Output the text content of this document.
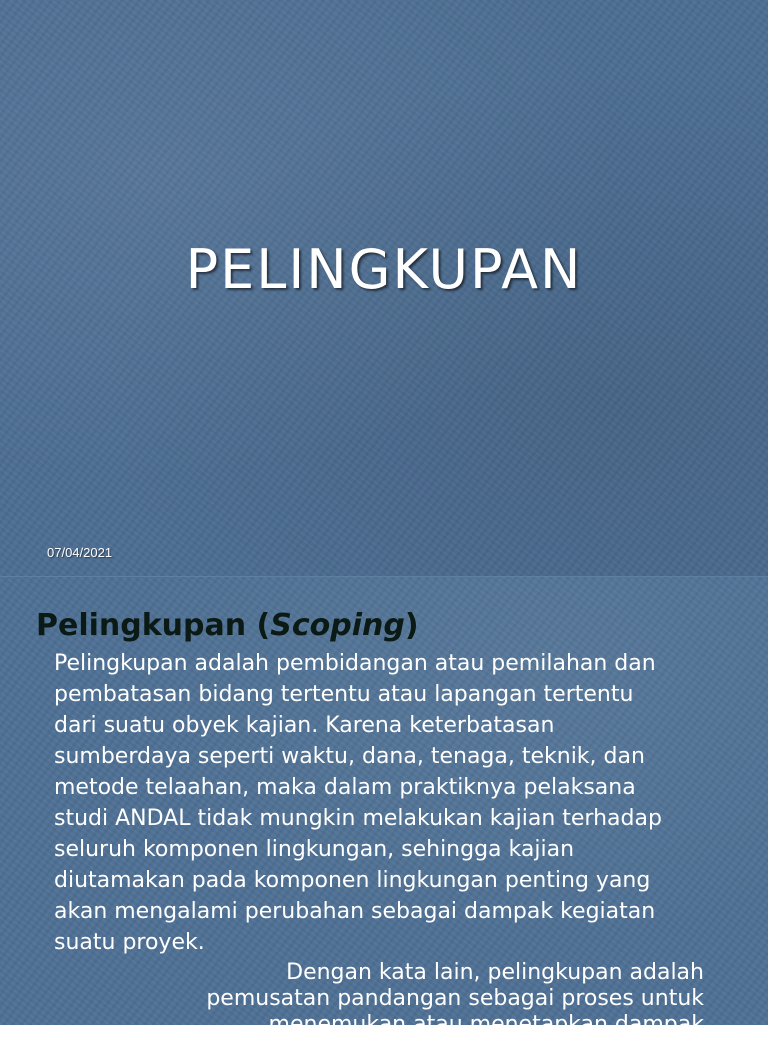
PELINGKUPAN
07/04/2021
Pelingkupan (Scoping)

Pelingkupan adalah pembidangan atau pemilahan dan
pembatasan bidang tertentu atau lapangan tertentu
dari suatu obyek kajian. Karena keterbatasan
sumberdaya seperti waktu, dana, tenaga, teknik, dan
metode telaahan, maka dalam praktiknya pelaksana
studi ANDAL tidak mungkin melakukan kajian terhadap
seluruh komponen lingkungan, sehingga kajian
diutamakan pada komponen lingkungan penting yang
akan mengalami perubahan sebagai dampak kegiatan
suatu proyek.

Dengan kata lain, pelingkupan adalah
pemusatan pandangan sebagai proses untuk
menemukan atau menetapkan dampak
